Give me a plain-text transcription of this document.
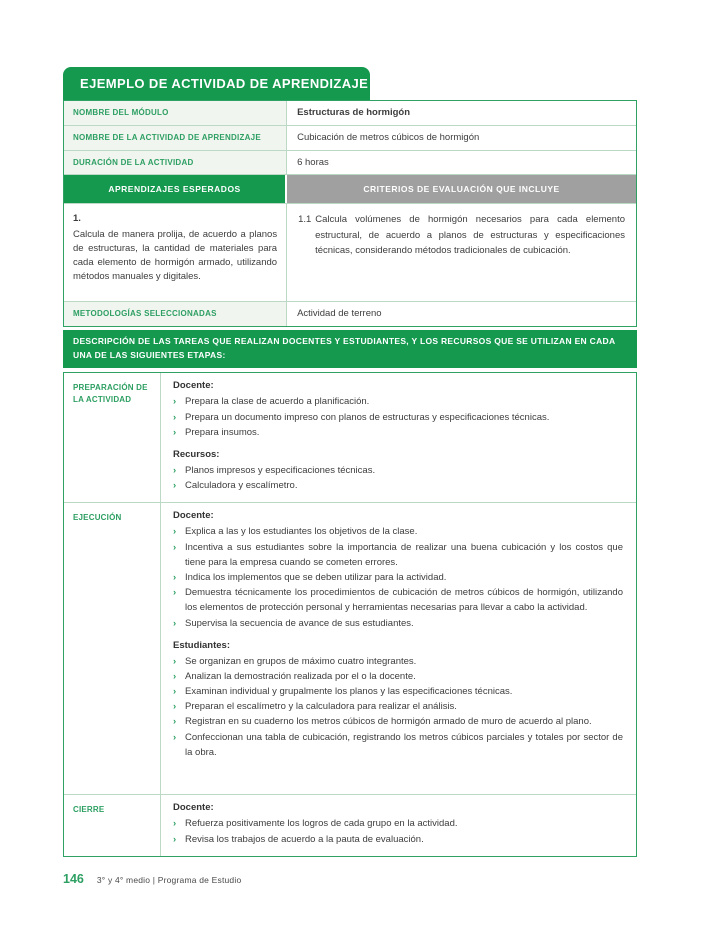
EJEMPLO DE ACTIVIDAD DE APRENDIZAJE
NOMBRE DEL MÓDULO	Estructuras de hormigón
NOMBRE DE LA ACTIVIDAD DE APRENDIZAJE	Cubicación de metros cúbicos de hormigón
DURACIÓN DE LA ACTIVIDAD	6 horas
APRENDIZAJES ESPERADOS	CRITERIOS DE EVALUACIÓN QUE INCLUYE
1.
Calcula de manera prolija, de acuerdo a planos de estructuras, la cantidad de materiales para cada elemento de hormigón armado, utilizando métodos manuales y digitales.
1.1 Calcula volúmenes de hormigón necesarios para cada elemento estructural, de acuerdo a planos de estructuras y especificaciones técnicas, considerando métodos tradicionales de cubicación.
METODOLOGÍAS SELECCIONADAS	Actividad de terreno
DESCRIPCIÓN DE LAS TAREAS QUE REALIZAN DOCENTES Y ESTUDIANTES, Y LOS RECURSOS QUE SE UTILIZAN EN CADA UNA DE LAS SIGUIENTES ETAPAS:
PREPARACIÓN DE LA ACTIVIDAD
Docente:
› Prepara la clase de acuerdo a planificación.
› Prepara un documento impreso con planos de estructuras y especificaciones técnicas.
› Prepara insumos.
Recursos:
› Planos impresos y especificaciones técnicas.
› Calculadora y escalímetro.
EJECUCIÓN	Docente:
› Explica a las y los estudiantes los objetivos de la clase.
› Incentiva a sus estudiantes sobre la importancia de realizar una buena cubicación y los costos que tiene para la empresa cuando se cometen errores.
› Indica los implementos que se deben utilizar para la actividad.
› Demuestra técnicamente los procedimientos de cubicación de metros cúbicos de hormigón, utilizando los elementos de protección personal y herramientas necesarias para llevar a cabo la actividad.
› Supervisa la secuencia de avance de sus estudiantes.
Estudiantes:
› Se organizan en grupos de máximo cuatro integrantes.
› Analizan la demostración realizada por el o la docente.
› Examinan individual y grupalmente los planos y las especificaciones técnicas.
› Preparan el escalímetro y la calculadora para realizar el análisis.
› Registran en su cuaderno los metros cúbicos de hormigón armado de muro de acuerdo al plano.
› Confeccionan una tabla de cubicación, registrando los metros cúbicos parciales y totales por sector de la obra.
CIERRE	Docente:
› Refuerza positivamente los logros de cada grupo en la actividad.
› Revisa los trabajos de acuerdo a la pauta de evaluación.
146 3° y 4° medio | Programa de Estudio
